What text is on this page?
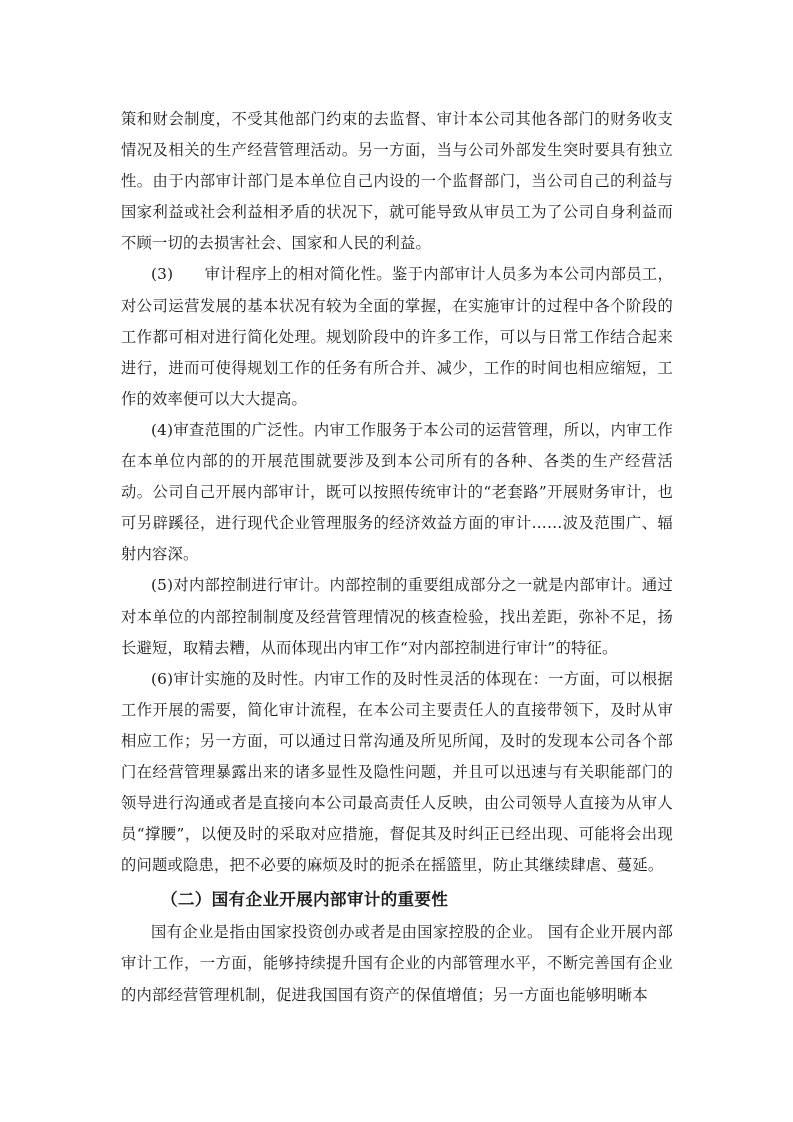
策和财会制度，不受其他部门约束的去监督、审计本公司其他各部门的财务收支情况及相关的生产经营管理活动。另一方面，当与公司外部发生突时要具有独立性。由于内部审计部门是本单位自己内设的一个监督部门，当公司自己的利益与国家利益或社会利益相矛盾的状况下，就可能导致从审员工为了公司自身利益而不顾一切的去损害社会、国家和人民的利益。

(3)　　审计程序上的相对简化性。鉴于内部审计人员多为本公司内部员工，对公司运营发展的基本状况有较为全面的掌握，在实施审计的过程中各个阶段的工作都可相对进行简化处理。规划阶段中的许多工作，可以与日常工作结合起来进行，进而可使得规划工作的任务有所合并、减少，工作的时间也相应缩短，工作的效率便可以大大提高。

(4)审查范围的广泛性。内审工作服务于本公司的运营管理，所以，内审工作在本单位内部的的开展范围就要涉及到本公司所有的各种、各类的生产经营活动。公司自己开展内部审计，既可以按照传统审计的“老套路”开展财务审计，也可另辟蹊径，进行现代企业管理服务的经济效益方面的审计……波及范围广、辐射内容深。

(5)对内部控制进行审计。内部控制的重要组成部分之一就是内部审计。通过对本单位的内部控制制度及经营管理情况的核查检验，找出差距，弥补不足，扬长避短，取精去糟，从而体现出内审工作“对内部控制进行审计”的特征。

(6)审计实施的及时性。内审工作的及时性灵活的体现在：一方面，可以根据工作开展的需要，简化审计流程，在本公司主要责任人的直接带领下，及时从审相应工作；另一方面，可以通过日常沟通及所见所闻，及时的发现本公司各个部门在经营管理暴露出来的诸多显性及隐性问题，并且可以迅速与有关职能部门的领导进行沟通或者是直接向本公司最高责任人反映，由公司领导人直接为从审人员“撑腰”，以便及时的采取对应措施，督促其及时纠正已经出现、可能将会出现的问题或隐患，把不必要的麻烦及时的扼杀在摇篮里，防止其继续肆虐、蔓延。

（二）国有企业开展内部审计的重要性

国有企业是指由国家投资创办或者是由国家控股的企业。 国有企业开展内部审计工作，一方面，能够持续提升国有企业的内部管理水平，不断完善国有企业的内部经营管理机制，促进我国国有资产的保值增值；另一方面也能够明晰本
